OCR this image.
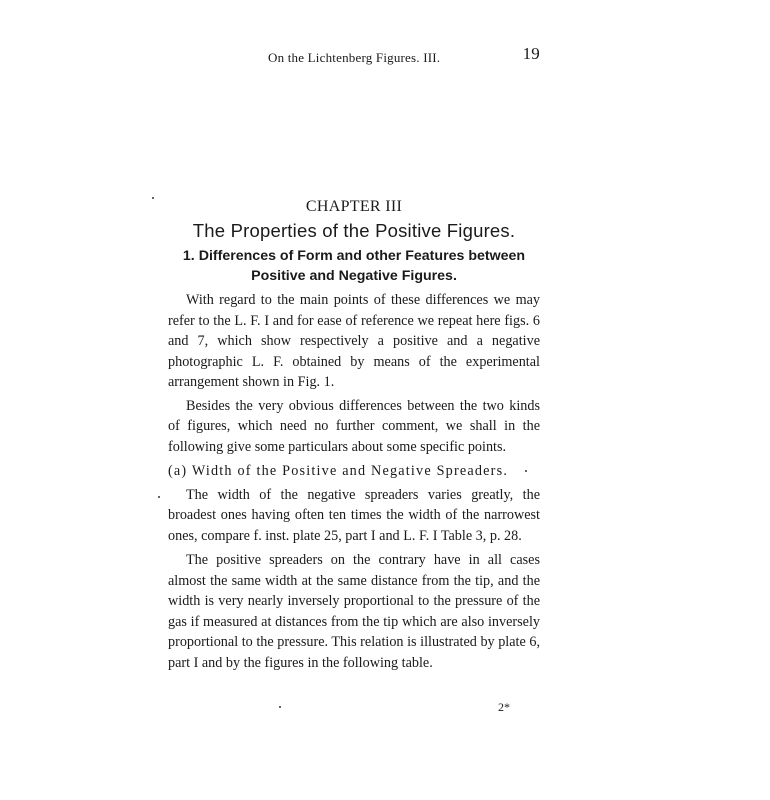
On the Lichtenberg Figures. III.	19
CHAPTER III
The Properties of the Positive Figures.
1. Differences of Form and other Features between
Positive and Negative Figures.

With regard to the main points of these differences we may refer to the L. F. I and for ease of reference we repeat here figs. 6 and 7, which show respectively a positive and a negative photographic L. F. obtained by means of the experimental arrangement shown in Fig. 1.

Besides the very obvious differences between the two kinds of figures, which need no further comment, we shall in the following give some particulars about some specific points.

(a) Width of the Positive and Negative Spreaders.

The width of the negative spreaders varies greatly, the broadest ones having often ten times the width of the narrowest ones, compare f. inst. plate 25, part I and L. F. I Table 3, p. 28.

The positive spreaders on the contrary have in all cases almost the same width at the same distance from the tip, and the width is very nearly inversely proportional to the pressure of the gas if measured at distances from the tip which are also inversely proportional to the pressure. This relation is illustrated by plate 6, part I and by the figures in the following table.

2*
